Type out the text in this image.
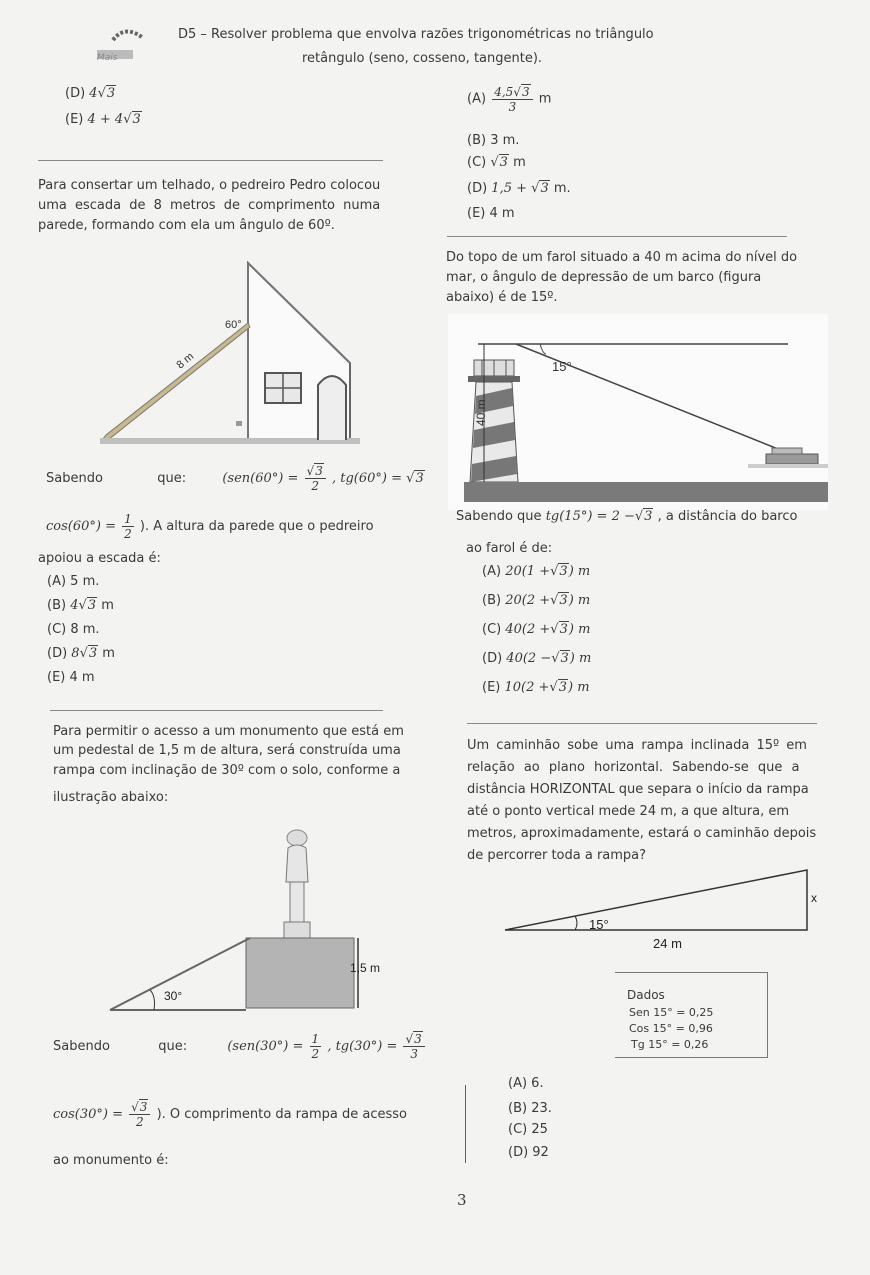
Mais
D5 – Resolver problema que envolva razões trigonométricas no triângulo
retângulo (seno, cosseno, tangente).
(D) 4√3
(E) 4 + 4√3
$(A) \frac{4,5√3}{3}$ m
(B) 3 m.
(C) √3 m
(D) 1,5 + √3 m.
(E) 4 m
Para consertar um telhado, o pedreiro Pedro colocou
uma escada de 8 metros de comprimento numa
parede, formando com ela um ângulo de 60º.
60°
8 m
Sabendo	que:	($sen(60^\circ) = \frac{√3}{2}$ , tg(60°) = √3
$\cos(60^\circ) = \frac{1}{2}$ ). A altura da parede que o pedreiro
apoiou a escada é:
(A) 5 m.
(B) 4√3 m
(C) 8 m.
(D) 8√3 m
(E) 4 m
Do topo de um farol situado a 40 m acima do nível do
mar, o ângulo de depressão de um barco (figura
abaixo) é de 15º.
15°
40 m
Sabendo que tg(15°) = 2 −√3 , a distância do barco
ao farol é de:
(A) 20(1 +√3) m
(B) 20(2 +√3) m
(C) 40(2 +√3) m
(D) 40(2 −√3) m
(E) 10(2 +√3) m
Para permitir o acesso a um monumento que está em
um pedestal de 1,5 m de altura, será construída uma
rampa com inclinação de 30º com o solo, conforme a
ilustração abaixo:
1,5 m
30°
Sabendo	que:	($sen(30^\circ) = \frac{1}{2}$ , $tg(30^\circ) = \frac{√3}{3}$
$\cos(30^\circ) = \frac{√3}{2}$ ). O comprimento da rampa de acesso
ao monumento é:
Um caminhão sobe uma rampa inclinada 15º em
relação ao plano horizontal. Sabendo-se que a
distância HORIZONTAL que separa o início da rampa
até o ponto vertical mede 24 m, a que altura, em
metros, aproximadamente, estará o caminhão depois
de percorrer toda a rampa?
15°
x
24 m
Dados
Sen 15° = 0,25
Cos 15° = 0,96
Tg 15° = 0,26
(A) 6.
(B) 23.
(C) 25
(D) 92
3
